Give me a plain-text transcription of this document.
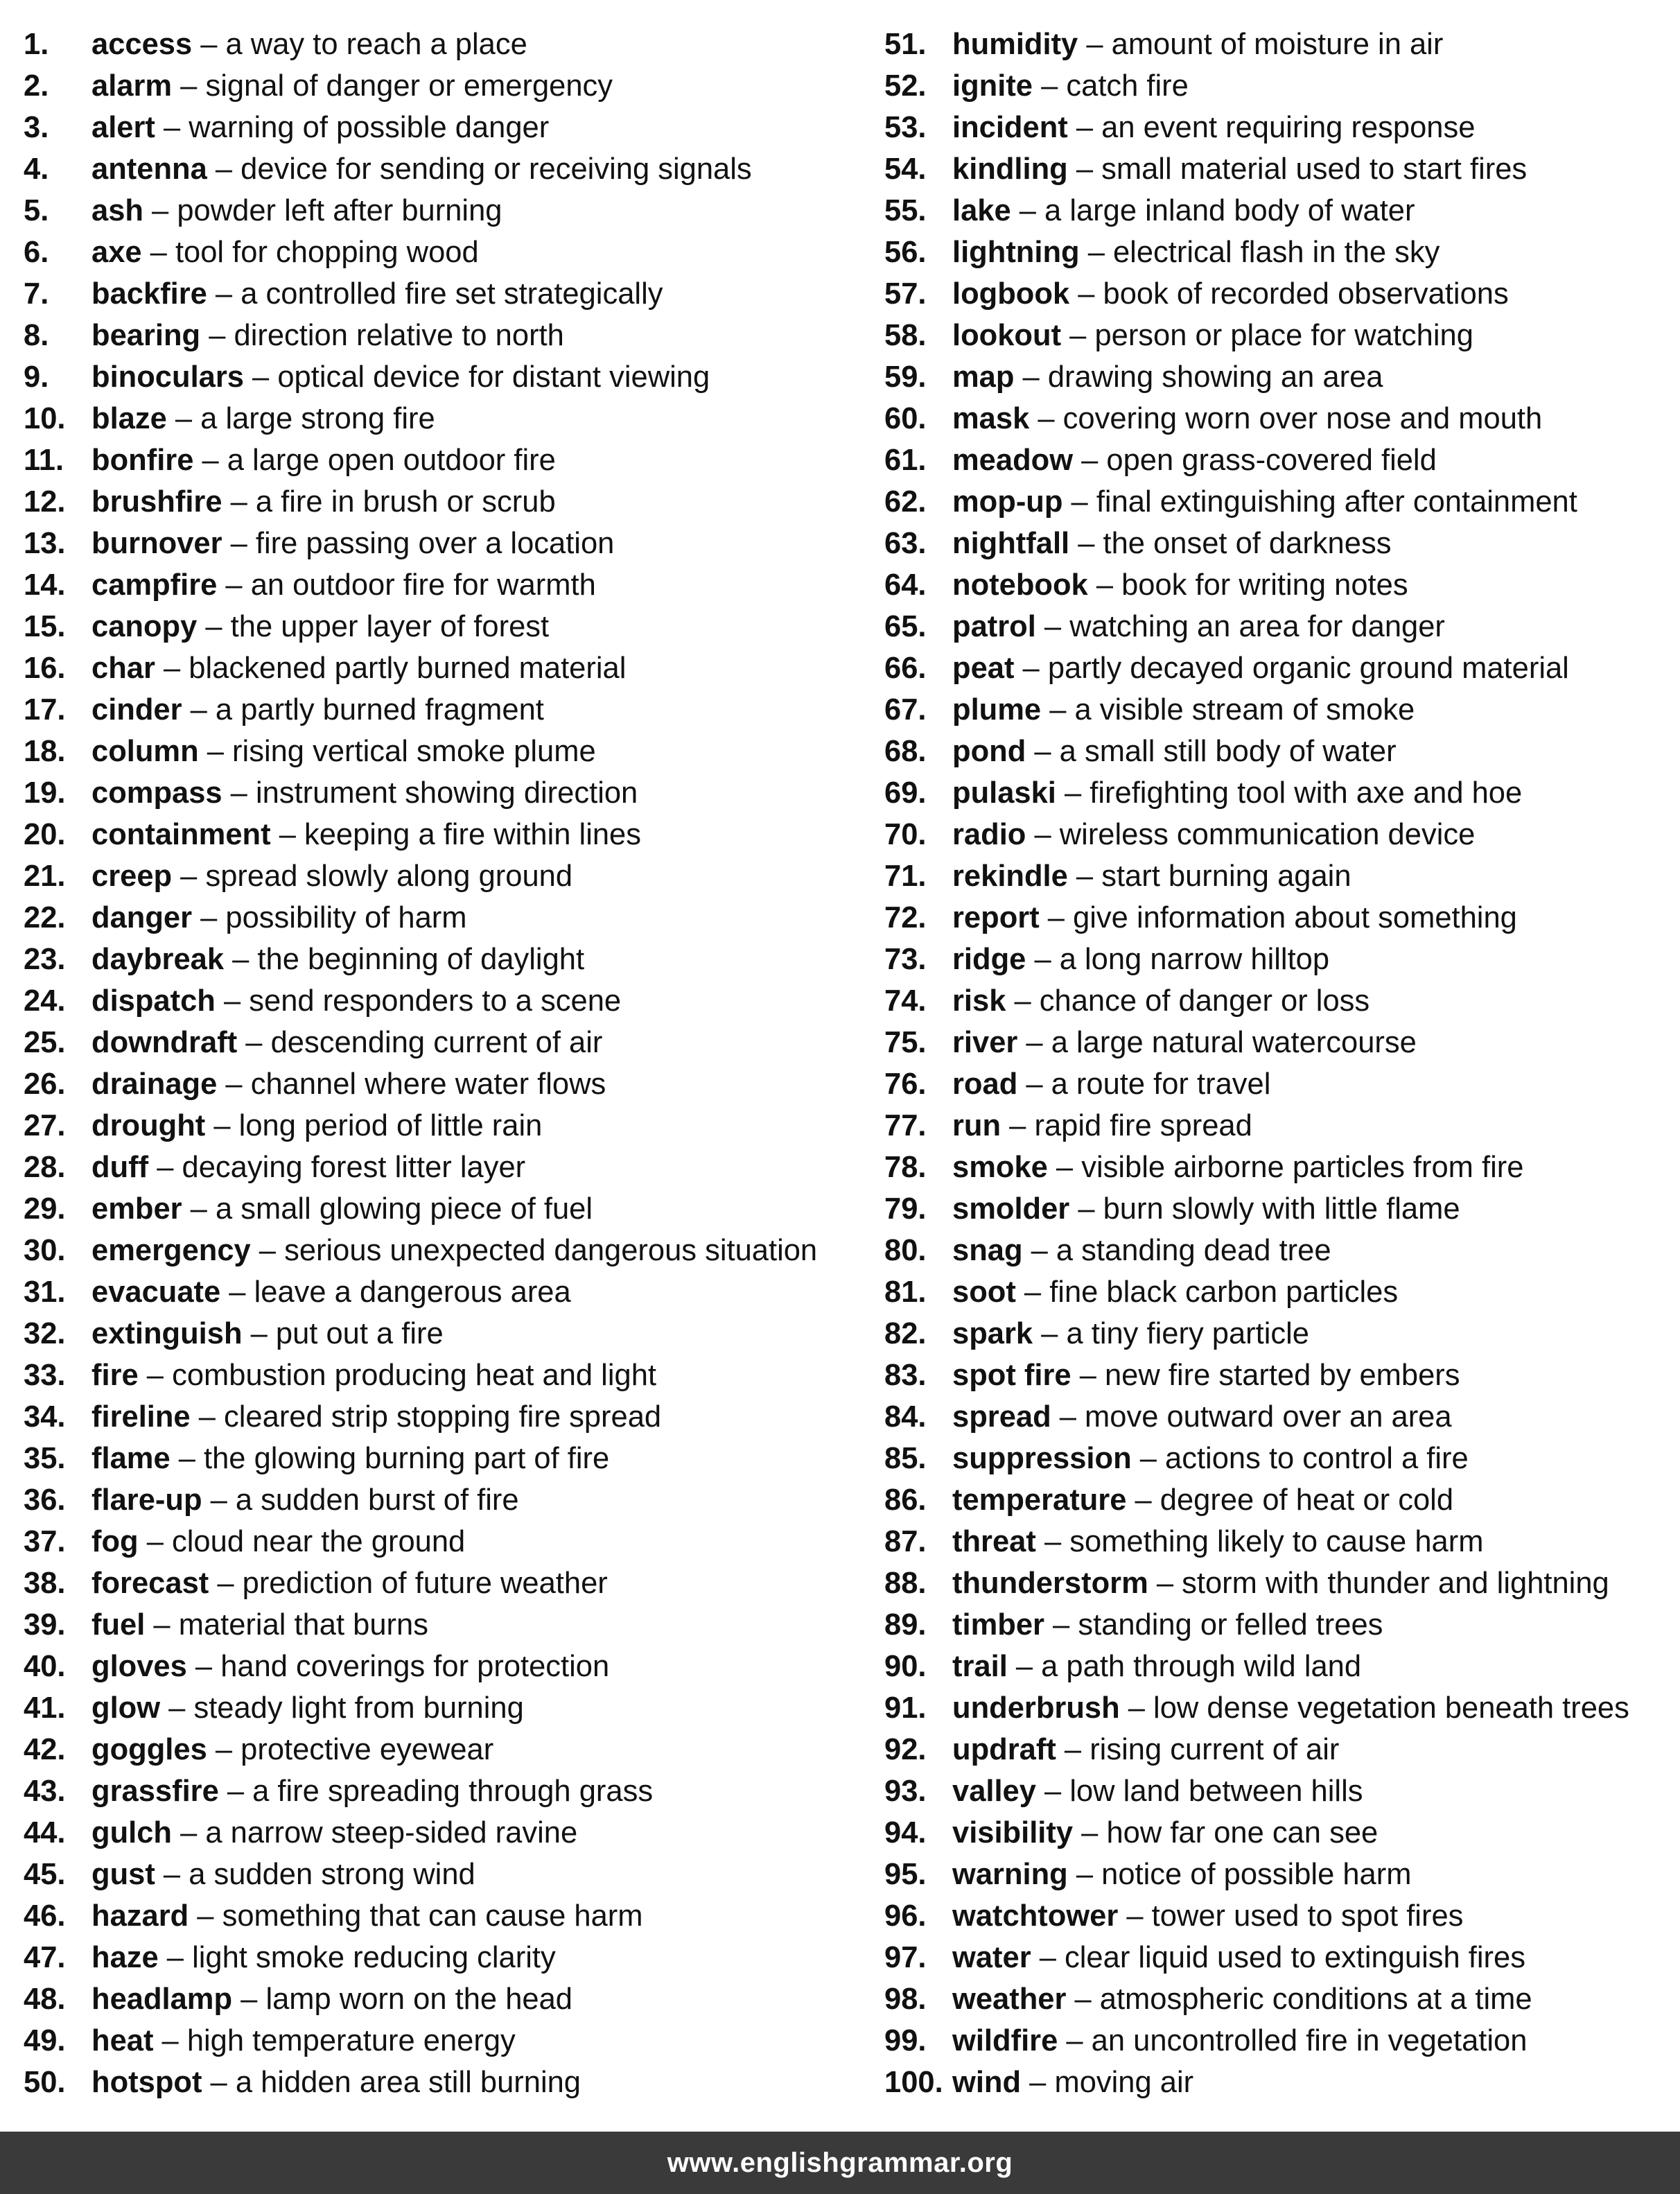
1.	access – a way to reach a place
2.	alarm – signal of danger or emergency
3.	alert – warning of possible danger
4.	antenna – device for sending or receiving signals
5.	ash – powder left after burning
6.	axe – tool for chopping wood
7.	backfire – a controlled fire set strategically
8.	bearing – direction relative to north
9.	binoculars – optical device for distant viewing
10. blaze – a large strong fire
11. bonfire – a large open outdoor fire
12. brushfire – a fire in brush or scrub
13. burnover – fire passing over a location
14. campfire – an outdoor fire for warmth
15. canopy – the upper layer of forest
16. char – blackened partly burned material
17. cinder – a partly burned fragment
18. column – rising vertical smoke plume
19. compass – instrument showing direction
20. containment – keeping a fire within lines
21. creep – spread slowly along ground
22. danger – possibility of harm
23. daybreak – the beginning of daylight
24. dispatch – send responders to a scene
25. downdraft – descending current of air
26. drainage – channel where water flows
27. drought – long period of little rain
28. duff – decaying forest litter layer
29. ember – a small glowing piece of fuel
30. emergency – serious unexpected dangerous situation
31. evacuate – leave a dangerous area
32. extinguish – put out a fire
33. fire – combustion producing heat and light
34. fireline – cleared strip stopping fire spread
35. flame – the glowing burning part of fire
36. flare-up – a sudden burst of fire
37. fog – cloud near the ground
38. forecast – prediction of future weather
39. fuel – material that burns
40. gloves – hand coverings for protection
41. glow – steady light from burning
42. goggles – protective eyewear
43. grassfire – a fire spreading through grass
44. gulch – a narrow steep-sided ravine
45. gust – a sudden strong wind
46. hazard – something that can cause harm
47. haze – light smoke reducing clarity
48. headlamp – lamp worn on the head
49. heat – high temperature energy
50. hotspot – a hidden area still burning
51. humidity – amount of moisture in air
52. ignite – catch fire
53. incident – an event requiring response
54. kindling – small material used to start fires
55. lake – a large inland body of water
56. lightning – electrical flash in the sky
57. logbook – book of recorded observations
58. lookout – person or place for watching
59. map – drawing showing an area
60. mask – covering worn over nose and mouth
61. meadow – open grass-covered field
62. mop-up – final extinguishing after containment
63. nightfall – the onset of darkness
64. notebook – book for writing notes
65. patrol – watching an area for danger
66. peat – partly decayed organic ground material
67. plume – a visible stream of smoke
68. pond – a small still body of water
69. pulaski – firefighting tool with axe and hoe
70. radio – wireless communication device
71. rekindle – start burning again
72. report – give information about something
73. ridge – a long narrow hilltop
74. risk – chance of danger or loss
75. river – a large natural watercourse
76. road – a route for travel
77. run – rapid fire spread
78. smoke – visible airborne particles from fire
79. smolder – burn slowly with little flame
80. snag – a standing dead tree
81. soot – fine black carbon particles
82. spark – a tiny fiery particle
83. spot fire – new fire started by embers
84. spread – move outward over an area
85. suppression – actions to control a fire
86. temperature – degree of heat or cold
87. threat – something likely to cause harm
88. thunderstorm – storm with thunder and lightning
89. timber – standing or felled trees
90. trail – a path through wild land
91. underbrush – low dense vegetation beneath trees
92. updraft – rising current of air
93. valley – low land between hills
94. visibility – how far one can see
95. warning – notice of possible harm
96. watchtower – tower used to spot fires
97. water – clear liquid used to extinguish fires
98. weather – atmospheric conditions at a time
99. wildfire – an uncontrolled fire in vegetation
100. wind – moving air
www.englishgrammar.org
